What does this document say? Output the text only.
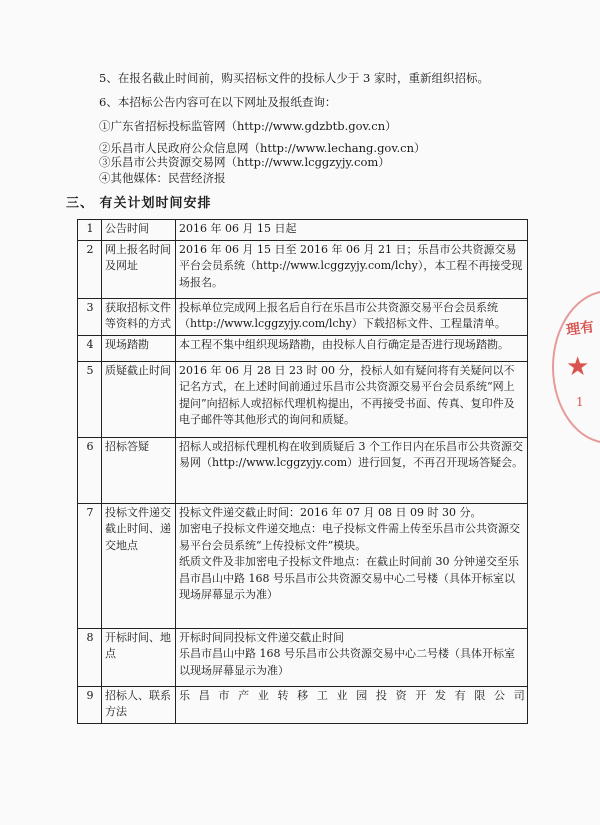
5、在报名截止时间前，购买招标文件的投标人少于 3 家时，重新组织招标。
6、本招标公告内容可在以下网址及报纸查询：
①广东省招标投标监管网（http://www.gdzbtb.gov.cn）
②乐昌市人民政府公众信息网（http://www.lechang.gov.cn）
③乐昌市公共资源交易网（http://www.lcggzyjy.com）
④其他媒体：民营经济报
三、 有关计划时间安排
1	公告时间	2016 年 06 月 15 日起

2	网上报名时间及网址	2016 年 06 月 15 日至 2016 年 06 月 21 日；乐昌市公共资源交易平台会员系统（http://www.lcggzyjy.com/lchy），本工程不再接受现场报名。

3	获取招标文件等资料的方式	投标单位完成网上报名后自行在乐昌市公共资源交易平台会员系统（http://www.lcggzyjy.com/lchy）下载招标文件、工程量清单。

4	现场踏勘	本工程不集中组织现场踏勘，由投标人自行确定是否进行现场踏勘。

5	质疑截止时间	2016 年 06 月 28 日 23 时 00 分，投标人如有疑问将有关疑问以不记名方式，在上述时间前通过乐昌市公共资源交易平台会员系统“网上提问”向招标人或招标代理机构提出，不再接受书面、传真、复印件及电子邮件等其他形式的询问和质疑。

6	招标答疑	招标人或招标代理机构在收到质疑后 3 个工作日内在乐昌市公共资源交易网（http://www.lcggzyjy.com）进行回复，不再召开现场答疑会。

7	投标文件递交截止时间、递交地点	投标文件递交截止时间：2016 年 07 月 08 日 09 时 30 分。
加密电子投标文件递交地点：电子投标文件需上传至乐昌市公共资源交易平台会员系统“上传投标文件”模块。
纸质文件及非加密电子投标文件地点：在截止时间前 30 分钟递交至乐昌市昌山中路 168 号乐昌市公共资源交易中心二号楼（具体开标室以现场屏幕显示为准）

8	开标时间、地点	开标时间同投标文件递交截止时间
乐昌市昌山中路 168 号乐昌市公共资源交易中心二号楼（具体开标室以现场屏幕显示为准）

9	招标人、联系方法	乐昌市产业转移工业园投资开发有限公司
理有
★
1
